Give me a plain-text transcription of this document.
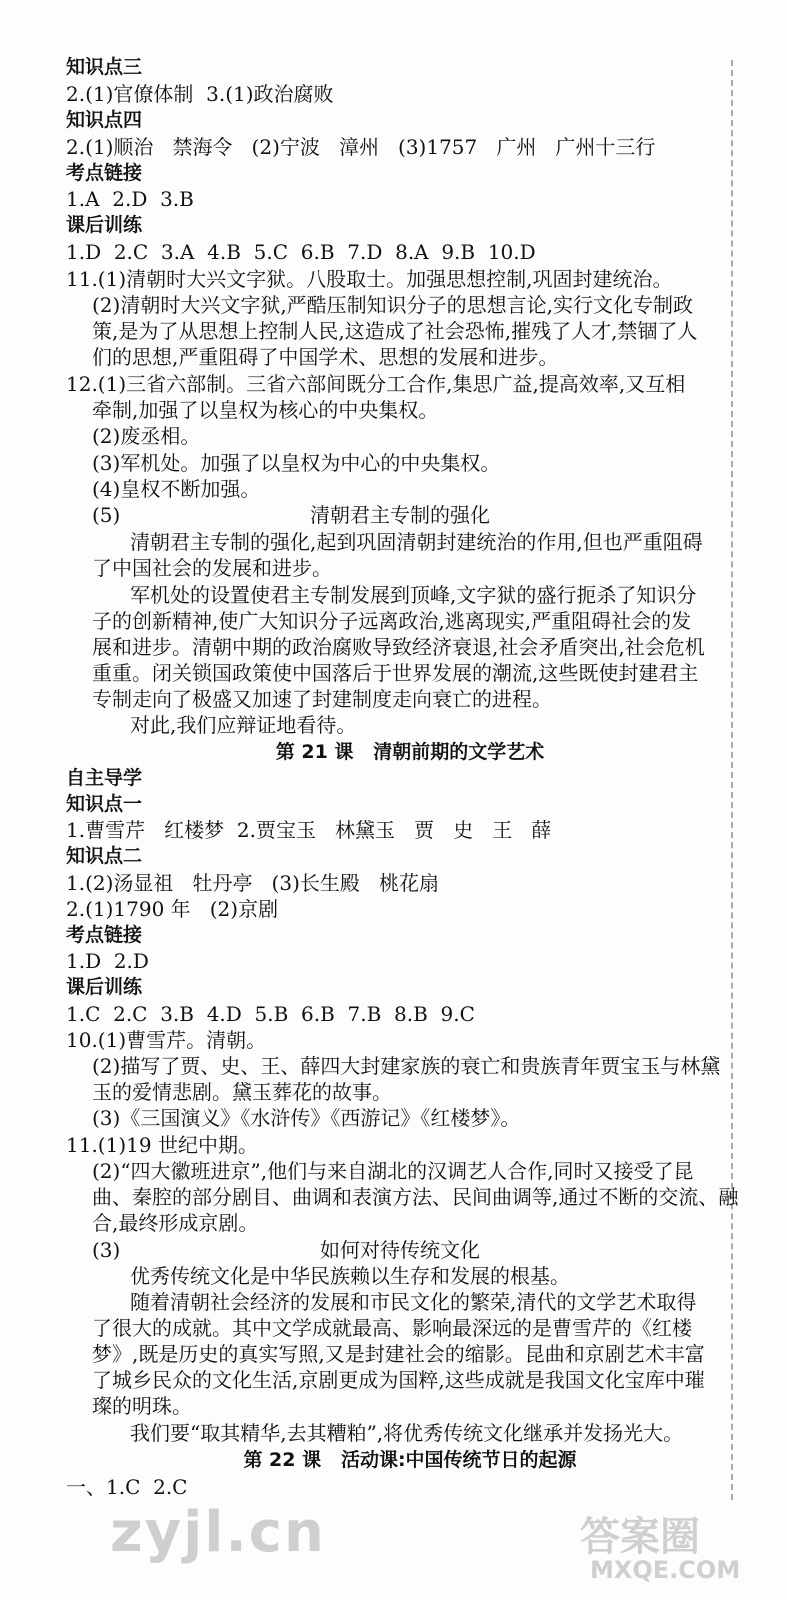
zyjl.cn	答案圈
MXQE.COM
知识点三
2.(1)官僚体制  3.(1)政治腐败
知识点四
2.(1)顺治   禁海令   (2)宁波   漳州   (3)1757   广州   广州十三行
考点链接
1.A  2.D  3.B
课后训练
1.D  2.C  3.A  4.B  5.C  6.B  7.D  8.A  9.B  10.D
11.(1)清朝时大兴文字狱。八股取士。加强思想控制,巩固封建统治。
(2)清朝时大兴文字狱,严酷压制知识分子的思想言论,实行文化专制政
策,是为了从思想上控制人民,这造成了社会恐怖,摧残了人才,禁锢了人
们的思想,严重阻碍了中国学术、思想的发展和进步。
12.(1)三省六部制。三省六部间既分工合作,集思广益,提高效率,又互相
牵制,加强了以皇权为核心的中央集权。
(2)废丞相。
(3)军机处。加强了以皇权为中心的中央集权。
(4)皇权不断加强。
(5)	清朝君主专制的强化
清朝君主专制的强化,起到巩固清朝封建统治的作用,但也严重阻碍
了中国社会的发展和进步。
军机处的设置使君主专制发展到顶峰,文字狱的盛行扼杀了知识分
子的创新精神,使广大知识分子远离政治,逃离现实,严重阻碍社会的发
展和进步。清朝中期的政治腐败导致经济衰退,社会矛盾突出,社会危机
重重。闭关锁国政策使中国落后于世界发展的潮流,这些既使封建君主
专制走向了极盛又加速了封建制度走向衰亡的进程。
对此,我们应辩证地看待。
第 21 课   清朝前期的文学艺术
自主导学
知识点一
1.曹雪芹   红楼梦  2.贾宝玉   林黛玉   贾   史   王   薛
知识点二
1.(2)汤显祖   牡丹亭   (3)长生殿   桃花扇
2.(1)1790 年   (2)京剧
考点链接
1.D  2.D
课后训练
1.C  2.C  3.B  4.D  5.B  6.B  7.B  8.B  9.C
10.(1)曹雪芹。清朝。
(2)描写了贾、史、王、薛四大封建家族的衰亡和贵族青年贾宝玉与林黛
玉的爱情悲剧。黛玉葬花的故事。
(3)《三国演义》《水浒传》《西游记》《红楼梦》。
11.(1)19 世纪中期。
(2)“四大徽班进京”,他们与来自湖北的汉调艺人合作,同时又接受了昆
曲、秦腔的部分剧目、曲调和表演方法、民间曲调等,通过不断的交流、融
合,最终形成京剧。
(3)	如何对待传统文化
优秀传统文化是中华民族赖以生存和发展的根基。
随着清朝社会经济的发展和市民文化的繁荣,清代的文学艺术取得
了很大的成就。其中文学成就最高、影响最深远的是曹雪芹的《红楼
梦》,既是历史的真实写照,又是封建社会的缩影。昆曲和京剧艺术丰富
了城乡民众的文化生活,京剧更成为国粹,这些成就是我国文化宝库中璀
璨的明珠。
我们要“取其精华,去其糟粕”,将优秀传统文化继承并发扬光大。
第 22 课   活动课:中国传统节日的起源
一、1.C  2.C
